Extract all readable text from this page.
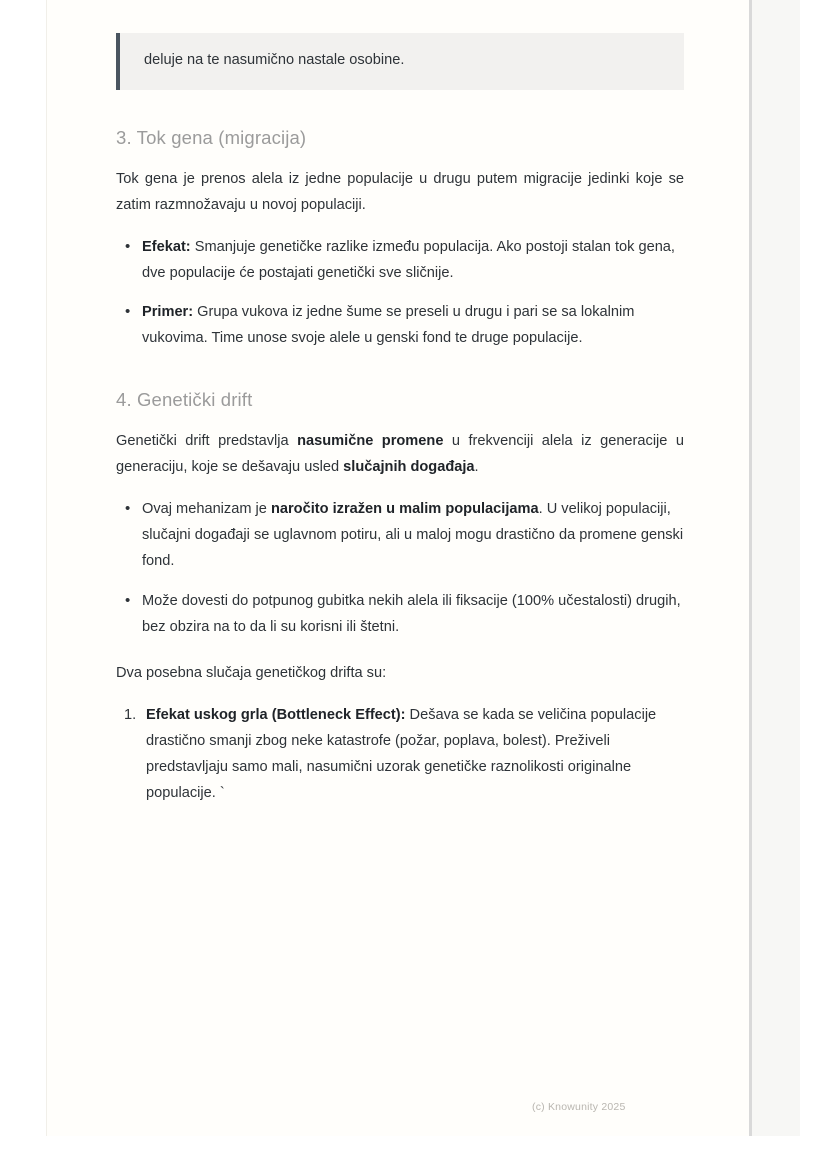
deluje na te nasumično nastale osobine.

3. Tok gena (migracija)

Tok gena je prenos alela iz jedne populacije u drugu putem migracije jedinki koje se zatim razmnožavaju u novoj populaciji.

• Efekat: Smanjuje genetičke razlike između populacija. Ako postoji stalan tok gena, dve populacije će postajati genetički sve sličnije.
• Primer: Grupa vukova iz jedne šume se preseli u drugu i pari se sa lokalnim vukovima. Time unose svoje alele u genski fond te druge populacije.
4. Genetički drift

Genetički drift predstavlja nasumične promene u frekvenciji alela iz generacije u generaciju, koje se dešavaju usled slučajnih događaja.

• Ovaj mehanizam je naročito izražen u malim populacijama. U velikoj populaciji, slučajni događaji se uglavnom potiru, ali u maloj mogu drastično da promene genski fond.
• Može dovesti do potpunog gubitka nekih alela ili fiksacije (100% učestalosti) drugih, bez obzira na to da li su korisni ili štetni.

Dva posebna slučaja genetičkog drifta su:

Efekat uskog grla (Bottleneck Effect): Dešava se kada se veličina populacije drastično smanji zbog neke katastrofe (požar, poplava, bolest). Preživeli predstavljaju samo mali, nasumični uzorak genetičke raznolikosti originalne populacije. `
(c) Knowunity 2025
